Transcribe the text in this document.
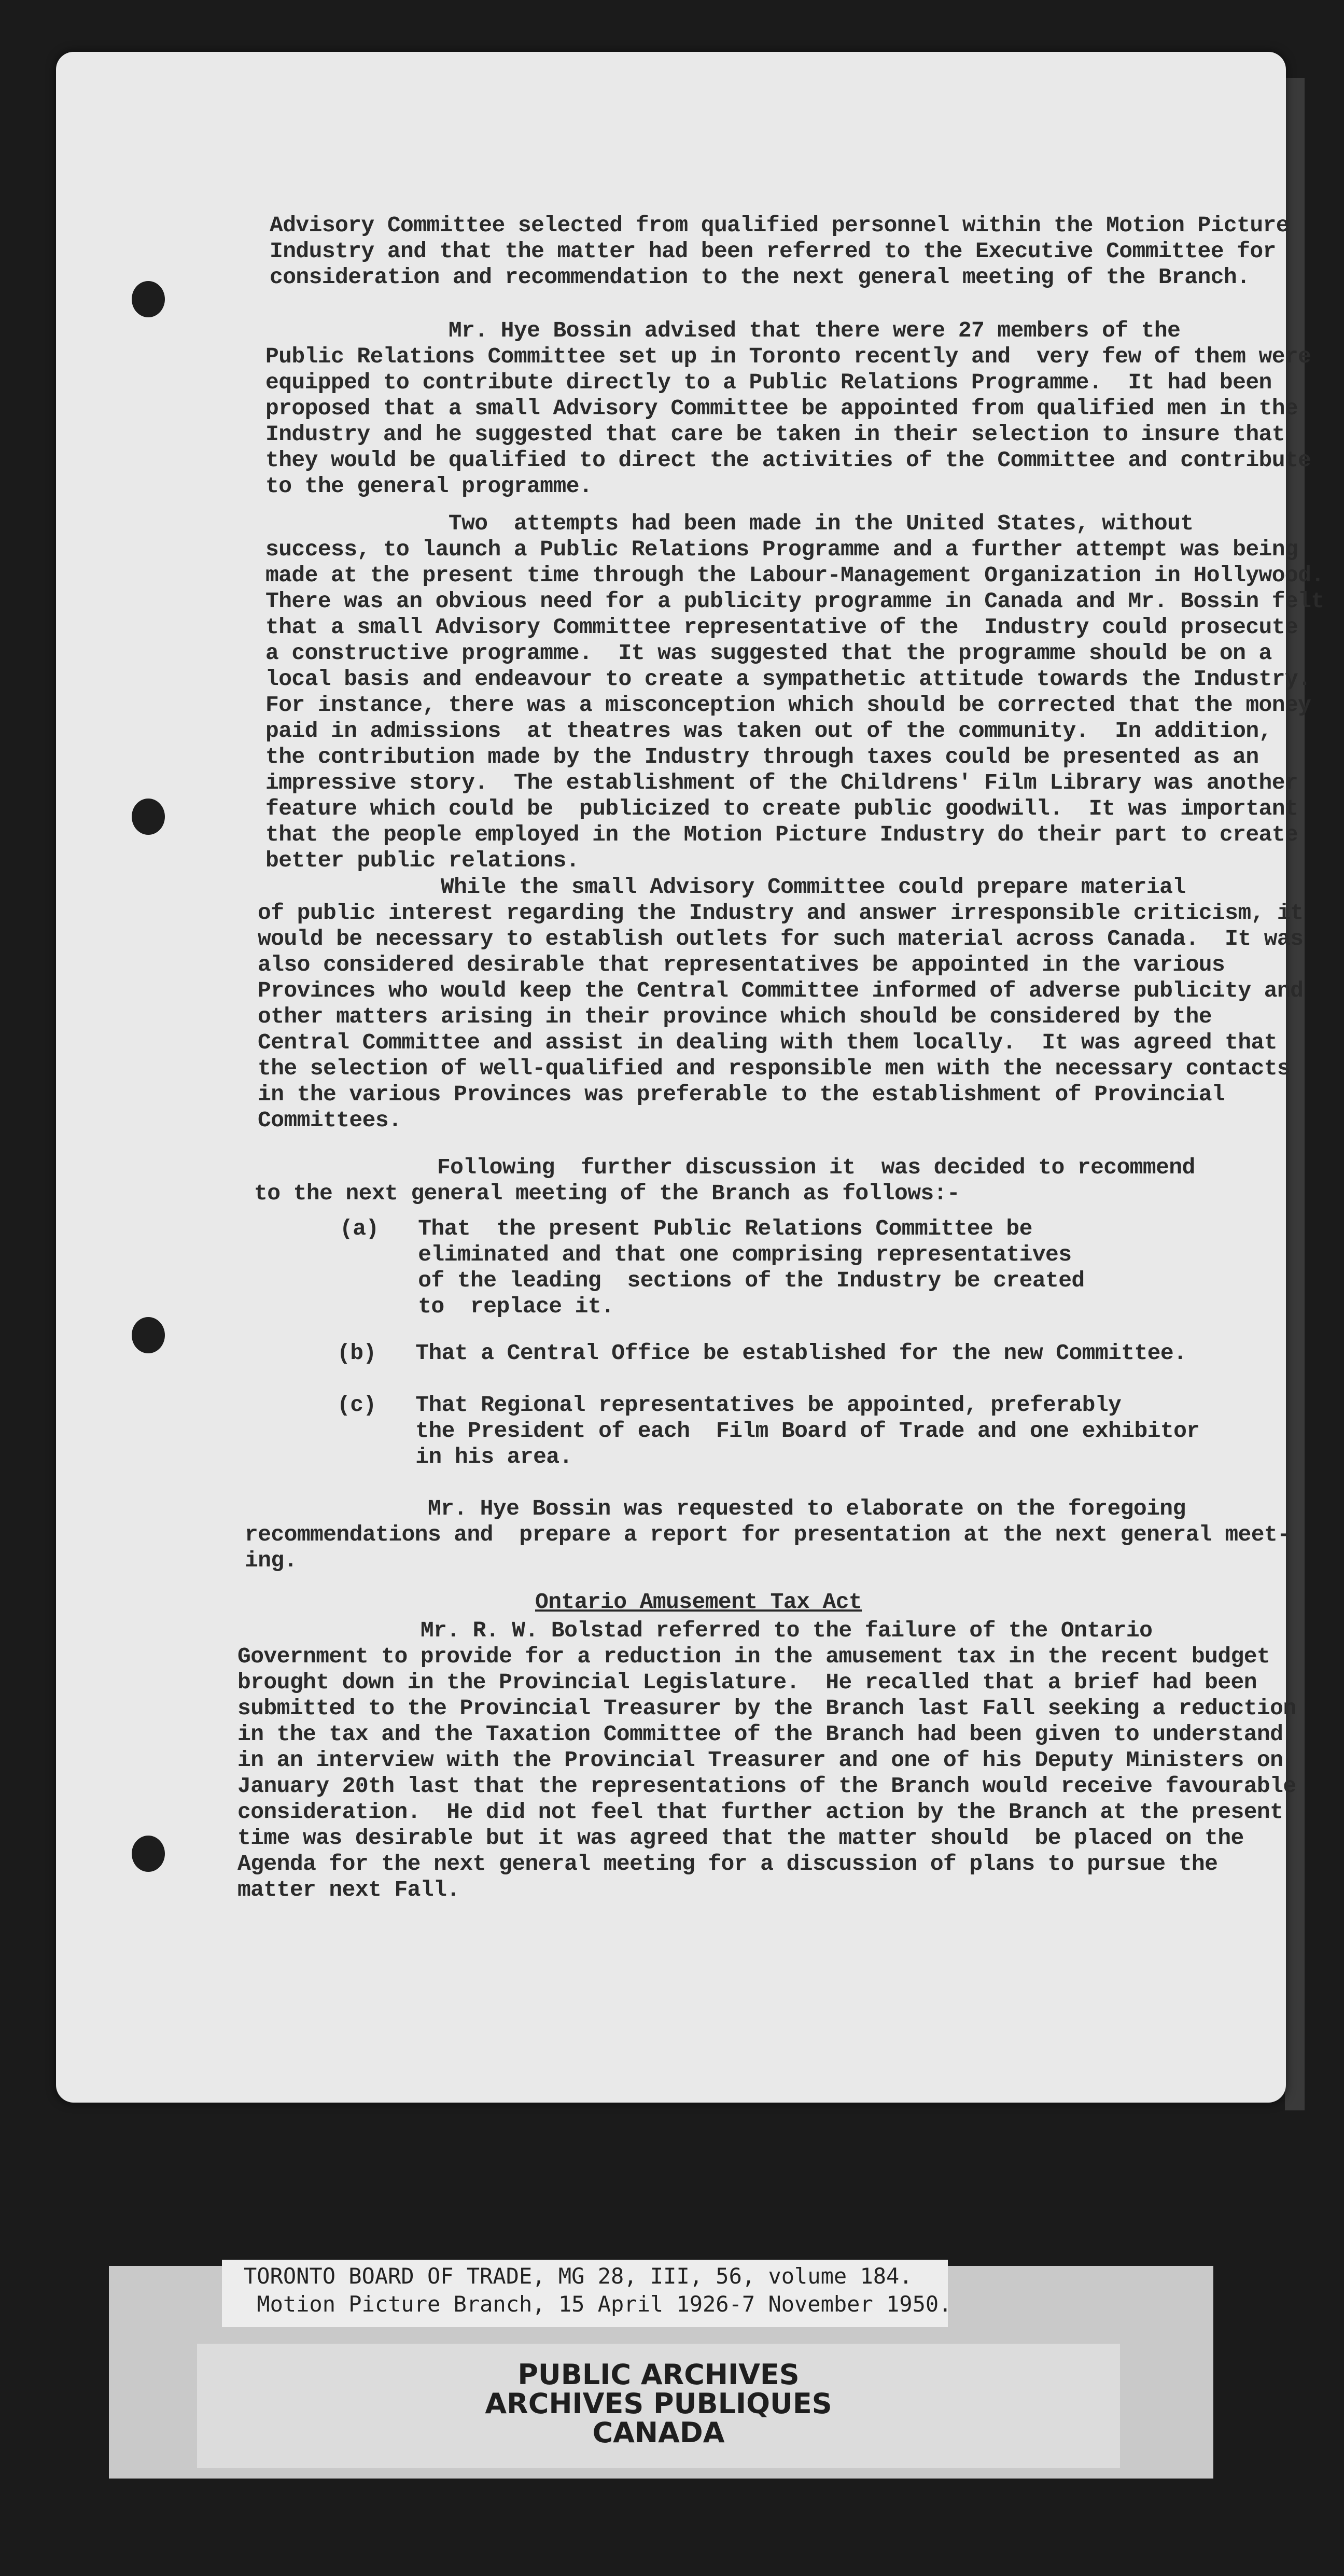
Advisory Committee selected from qualified personnel within the Motion Picture
Industry and that the matter had been referred to the Executive Committee for
consideration and recommendation to the next general meeting of the Branch.
Mr. Hye Bossin advised that there were 27 members of the
Public Relations Committee set up in Toronto recently and  very few of them were
equipped to contribute directly to a Public Relations Programme.  It had been
proposed that a small Advisory Committee be appointed from qualified men in the
Industry and he suggested that care be taken in their selection to insure that
they would be qualified to direct the activities of the Committee and contribute
to the general programme.
Two  attempts had been made in the United States, without
success, to launch a Public Relations Programme and a further attempt was being
made at the present time through the Labour-Management Organization in Hollywood.
There was an obvious need for a publicity programme in Canada and Mr. Bossin felt
that a small Advisory Committee representative of the  Industry could prosecute
a constructive programme.  It was suggested that the programme should be on a
local basis and endeavour to create a sympathetic attitude towards the Industry.
For instance, there was a misconception which should be corrected that the money
paid in admissions  at theatres was taken out of the community.  In addition,
the contribution made by the Industry through taxes could be presented as an
impressive story.  The establishment of the Childrens' Film Library was another
feature which could be  publicized to create public goodwill.  It was important
that the people employed in the Motion Picture Industry do their part to create
better public relations.
While the small Advisory Committee could prepare material
of public interest regarding the Industry and answer irresponsible criticism, it
would be necessary to establish outlets for such material across Canada.  It was
also considered desirable that representatives be appointed in the various
Provinces who would keep the Central Committee informed of adverse publicity and
other matters arising in their province which should be considered by the
Central Committee and assist in dealing with them locally.  It was agreed that
the selection of well-qualified and responsible men with the necessary contacts
in the various Provinces was preferable to the establishment of Provincial
Committees.
Following  further discussion it  was decided to recommend
to the next general meeting of the Branch as follows:-
(a)   That  the present Public Relations Committee be
eliminated and that one comprising representatives
of the leading  sections of the Industry be created
to  replace it.
(b)   That a Central Office be established for the new Committee.
(c)   That Regional representatives be appointed, preferably
the President of each  Film Board of Trade and one exhibitor
in his area.
Mr. Hye Bossin was requested to elaborate on the foregoing
recommendations and  prepare a report for presentation at the next general meet-
ing.
Mr. R. W. Bolstad referred to the failure of the Ontario
Government to provide for a reduction in the amusement tax in the recent budget
brought down in the Provincial Legislature.  He recalled that a brief had been
submitted to the Provincial Treasurer by the Branch last Fall seeking a reduction
in the tax and the Taxation Committee of the Branch had been given to understand
in an interview with the Provincial Treasurer and one of his Deputy Ministers on
January 20th last that the representations of the Branch would receive favourable
consideration.  He did not feel that further action by the Branch at the present
time was desirable but it was agreed that the matter should  be placed on the
Agenda for the next general meeting for a discussion of plans to pursue the
matter next Fall.
Ontario Amusement Tax Act
TORONTO BOARD OF TRADE, MG 28, III, 56, volume 184.
Motion Picture Branch, 15 April 1926-7 November 1950.
PUBLIC ARCHIVES
ARCHIVES PUBLIQUES
CANADA
